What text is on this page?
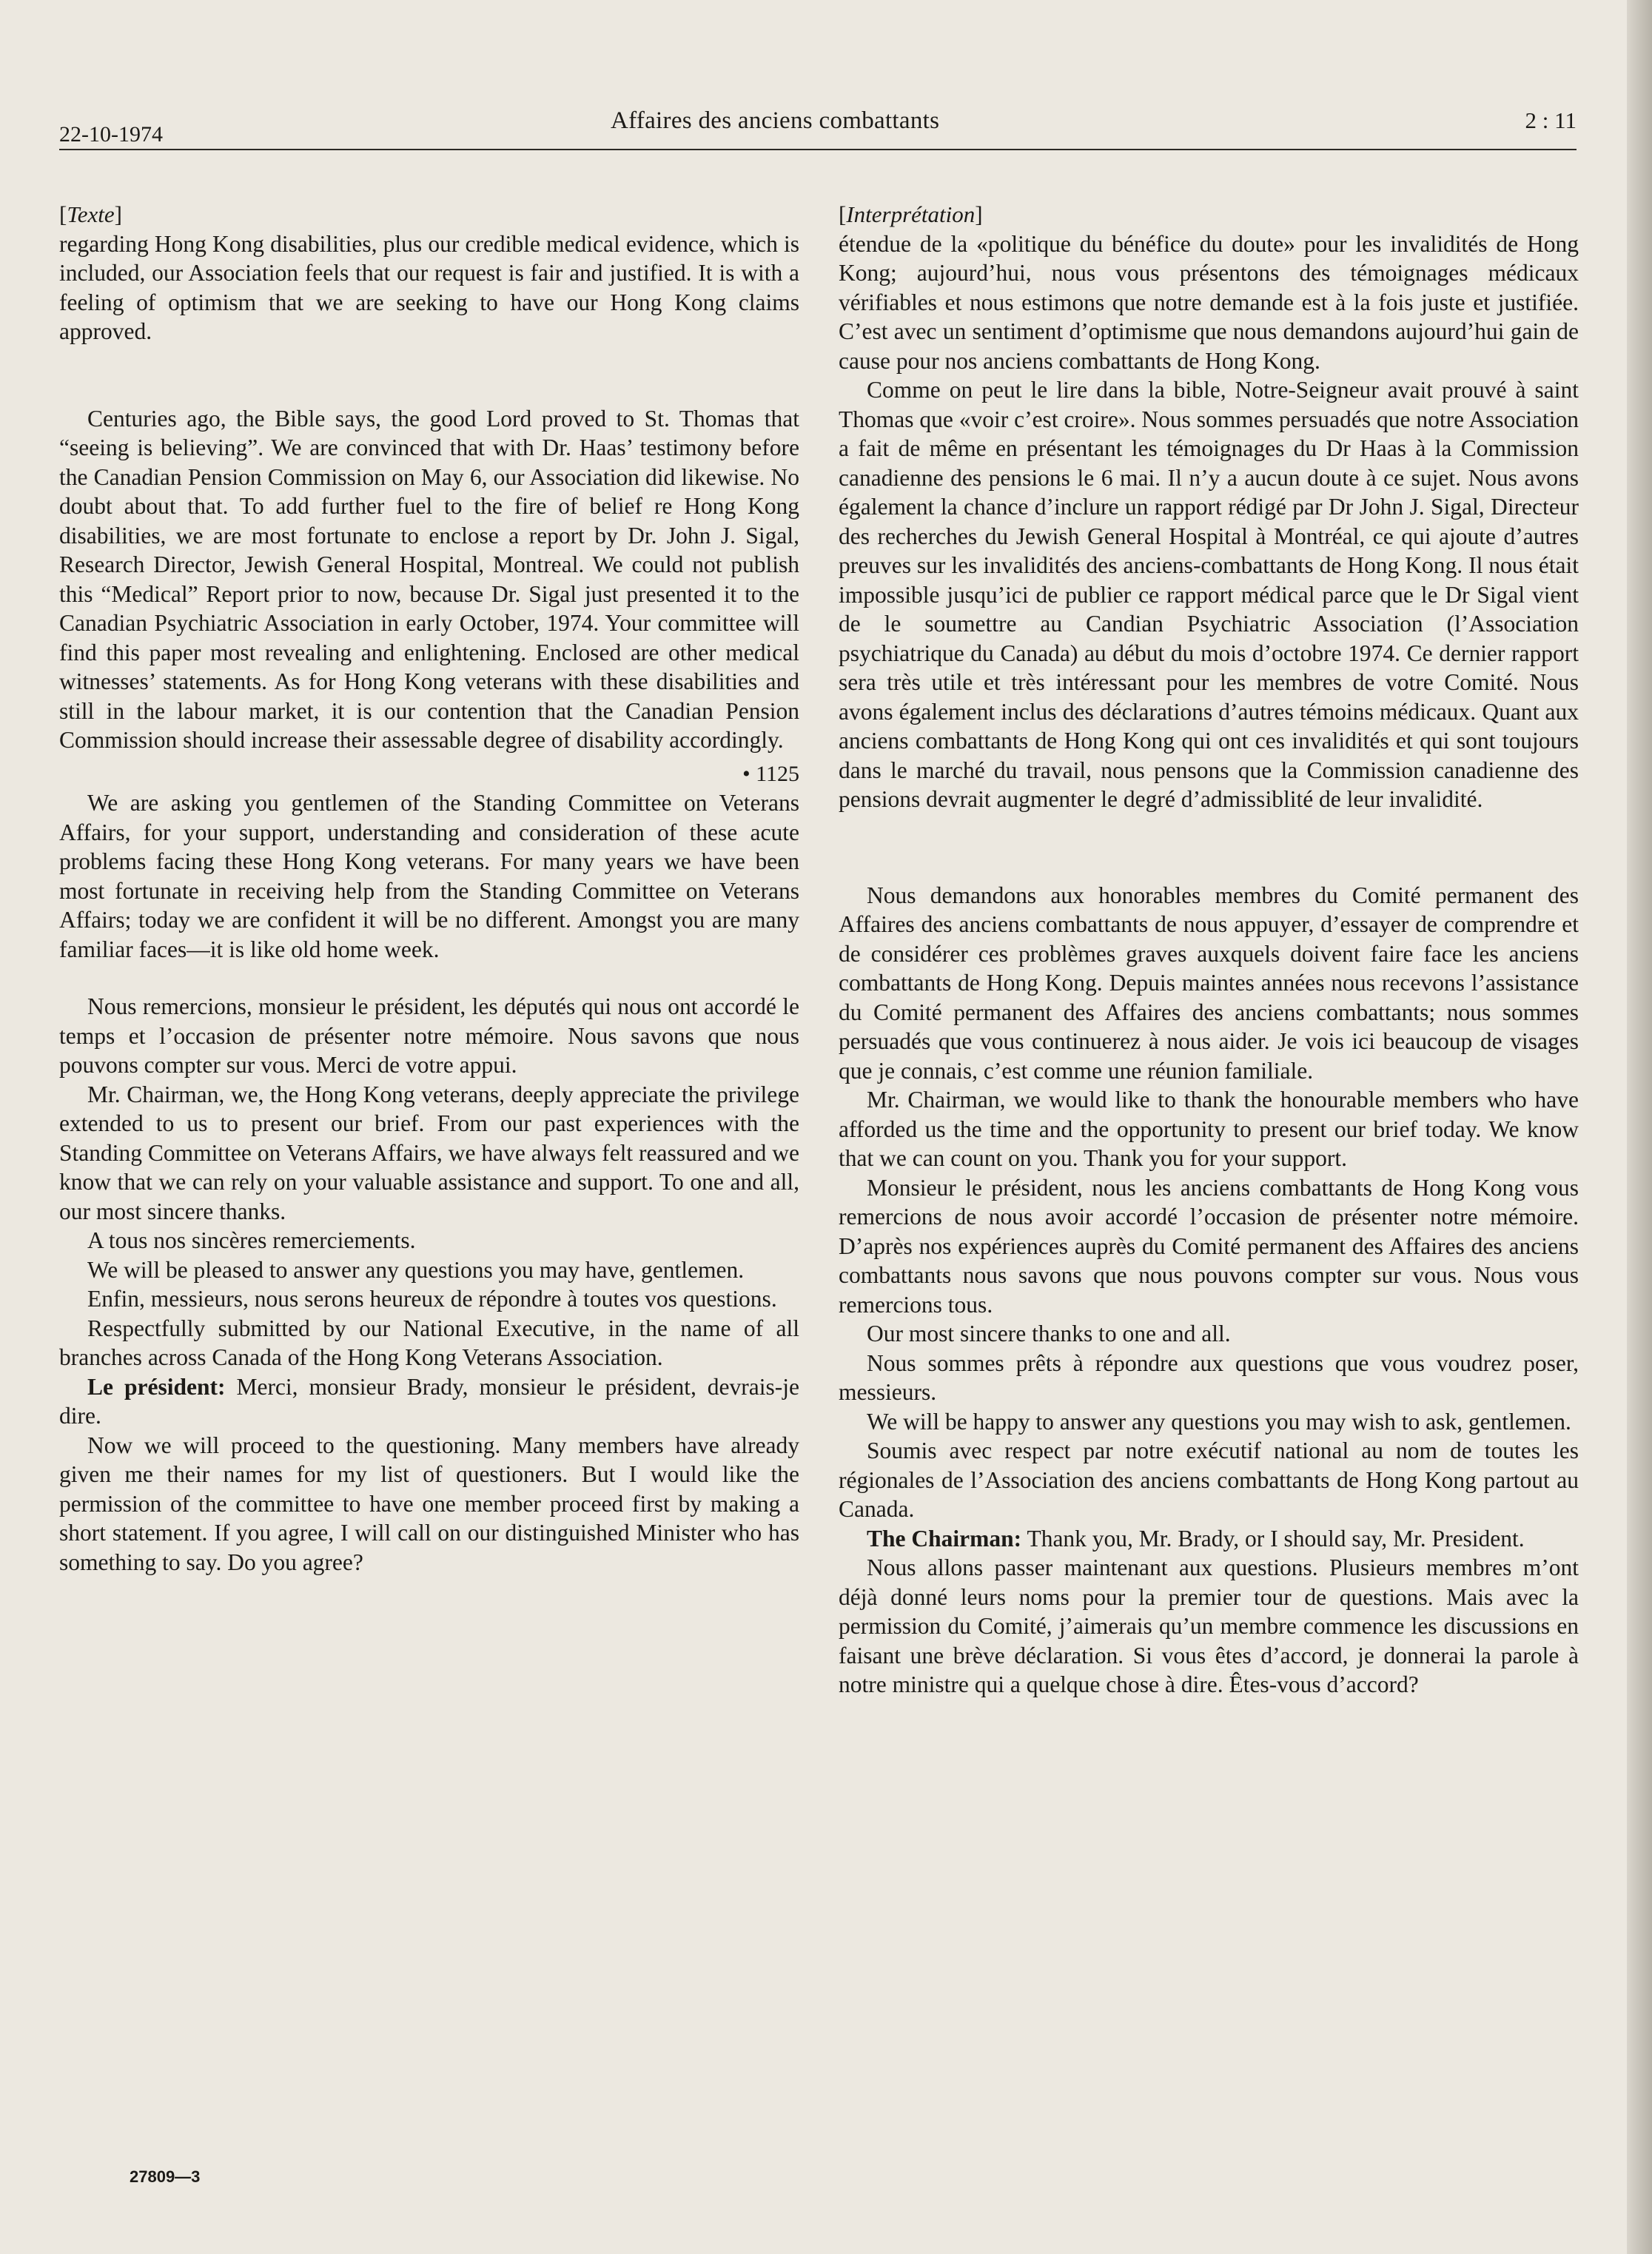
22-10-1974
Affaires des anciens combattants	2 : 11
[Texte]

regarding Hong Kong disabilities, plus our credible medical evidence, which is included, our Association feels that our request is fair and justified. It is with a feeling of optimism that we are seeking to have our Hong Kong claims approved.

Centuries ago, the Bible says, the good Lord proved to St. Thomas that “seeing is believing”. We are convinced that with Dr. Haas’ testimony before the Canadian Pension Commission on May 6, our Association did likewise. No doubt about that. To add further fuel to the fire of belief re Hong Kong disabilities, we are most fortunate to enclose a report by Dr. John J. Sigal, Research Director, Jewish General Hospital, Montreal. We could not publish this “Medical” Report prior to now, because Dr. Sigal just presented it to the Canadian Psychiatric Association in early October, 1974. Your committee will find this paper most revealing and enlightening. Enclosed are other medical witnesses’ statements. As for Hong Kong veterans with these disabilities and still in the labour market, it is our contention that the Canadian Pension Commission should increase their assessable degree of disability accordingly.

• 1125

We are asking you gentlemen of the Standing Committee on Veterans Affairs, for your support, understanding and consideration of these acute problems facing these Hong Kong veterans. For many years we have been most fortunate in receiving help from the Standing Committee on Veterans Affairs; today we are confident it will be no different. Amongst you are many familiar faces—it is like old home week.

Nous remercions, monsieur le président, les députés qui nous ont accordé le temps et l’occasion de présenter notre mémoire. Nous savons que nous pouvons compter sur vous. Merci de votre appui.

Mr. Chairman, we, the Hong Kong veterans, deeply appreciate the privilege extended to us to present our brief. From our past experiences with the Standing Committee on Veterans Affairs, we have always felt reassured and we know that we can rely on your valuable assistance and support. To one and all, our most sincere thanks.

A tous nos sincères remerciements.

We will be pleased to answer any questions you may have, gentlemen.

Enfin, messieurs, nous serons heureux de répondre à toutes vos questions.

Respectfully submitted by our National Executive, in the name of all branches across Canada of the Hong Kong Veterans Association.

Le président: Merci, monsieur Brady, monsieur le président, devrais-je dire.

Now we will proceed to the questioning. Many members have already given me their names for my list of questioners. But I would like the permission of the committee to have one member proceed first by making a short statement. If you agree, I will call on our distinguished Minister who has something to say. Do you agree?

[Interprétation]

étendue de la «politique du bénéfice du doute» pour les invalidités de Hong Kong; aujourd’hui, nous vous présentons des témoignages médicaux vérifiables et nous estimons que notre demande est à la fois juste et justifiée. C’est avec un sentiment d’optimisme que nous demandons aujourd’hui gain de cause pour nos anciens combattants de Hong Kong.

Comme on peut le lire dans la bible, Notre-Seigneur avait prouvé à saint Thomas que «voir c’est croire». Nous sommes persuadés que notre Association a fait de même en présentant les témoignages du Dr Haas à la Commission canadienne des pensions le 6 mai. Il n’y a aucun doute à ce sujet. Nous avons également la chance d’inclure un rapport rédigé par Dr John J. Sigal, Directeur des recherches du Jewish General Hospital à Montréal, ce qui ajoute d’autres preuves sur les invalidités des anciens-combattants de Hong Kong. Il nous était impossible jusqu’ici de publier ce rapport médical parce que le Dr Sigal vient de le soumettre au Candian Psychiatric Association (l’Association psychiatrique du Canada) au début du mois d’octobre 1974. Ce dernier rapport sera très utile et très intéressant pour les membres de votre Comité. Nous avons également inclus des déclarations d’autres témoins médicaux. Quant aux anciens combattants de Hong Kong qui ont ces invalidités et qui sont toujours dans le marché du travail, nous pensons que la Commission canadienne des pensions devrait augmenter le degré d’admissiblité de leur invalidité.

Nous demandons aux honorables membres du Comité permanent des Affaires des anciens combattants de nous appuyer, d’essayer de comprendre et de considérer ces problèmes graves auxquels doivent faire face les anciens combattants de Hong Kong. Depuis maintes années nous recevons l’assistance du Comité permanent des Affaires des anciens combattants; nous sommes persuadés que vous continuerez à nous aider. Je vois ici beaucoup de visages que je connais, c’est comme une réunion familiale.

Mr. Chairman, we would like to thank the honourable members who have afforded us the time and the opportunity to present our brief today. We know that we can count on you. Thank you for your support.

Monsieur le président, nous les anciens combattants de Hong Kong vous remercions de nous avoir accordé l’occasion de présenter notre mémoire. D’après nos expériences auprès du Comité permanent des Affaires des anciens combattants nous savons que nous pouvons compter sur vous. Nous vous remercions tous.

Our most sincere thanks to one and all.

Nous sommes prêts à répondre aux questions que vous voudrez poser, messieurs.

We will be happy to answer any questions you may wish to ask, gentlemen.

Soumis avec respect par notre exécutif national au nom de toutes les régionales de l’Association des anciens combattants de Hong Kong partout au Canada.

The Chairman: Thank you, Mr. Brady, or I should say, Mr. President.

Nous allons passer maintenant aux questions. Plusieurs membres m’ont déjà donné leurs noms pour la premier tour de questions. Mais avec la permission du Comité, j’aimerais qu’un membre commence les discussions en faisant une brève déclaration. Si vous êtes d’accord, je donnerai la parole à notre ministre qui a quelque chose à dire. Êtes-vous d’accord?

27809—3
